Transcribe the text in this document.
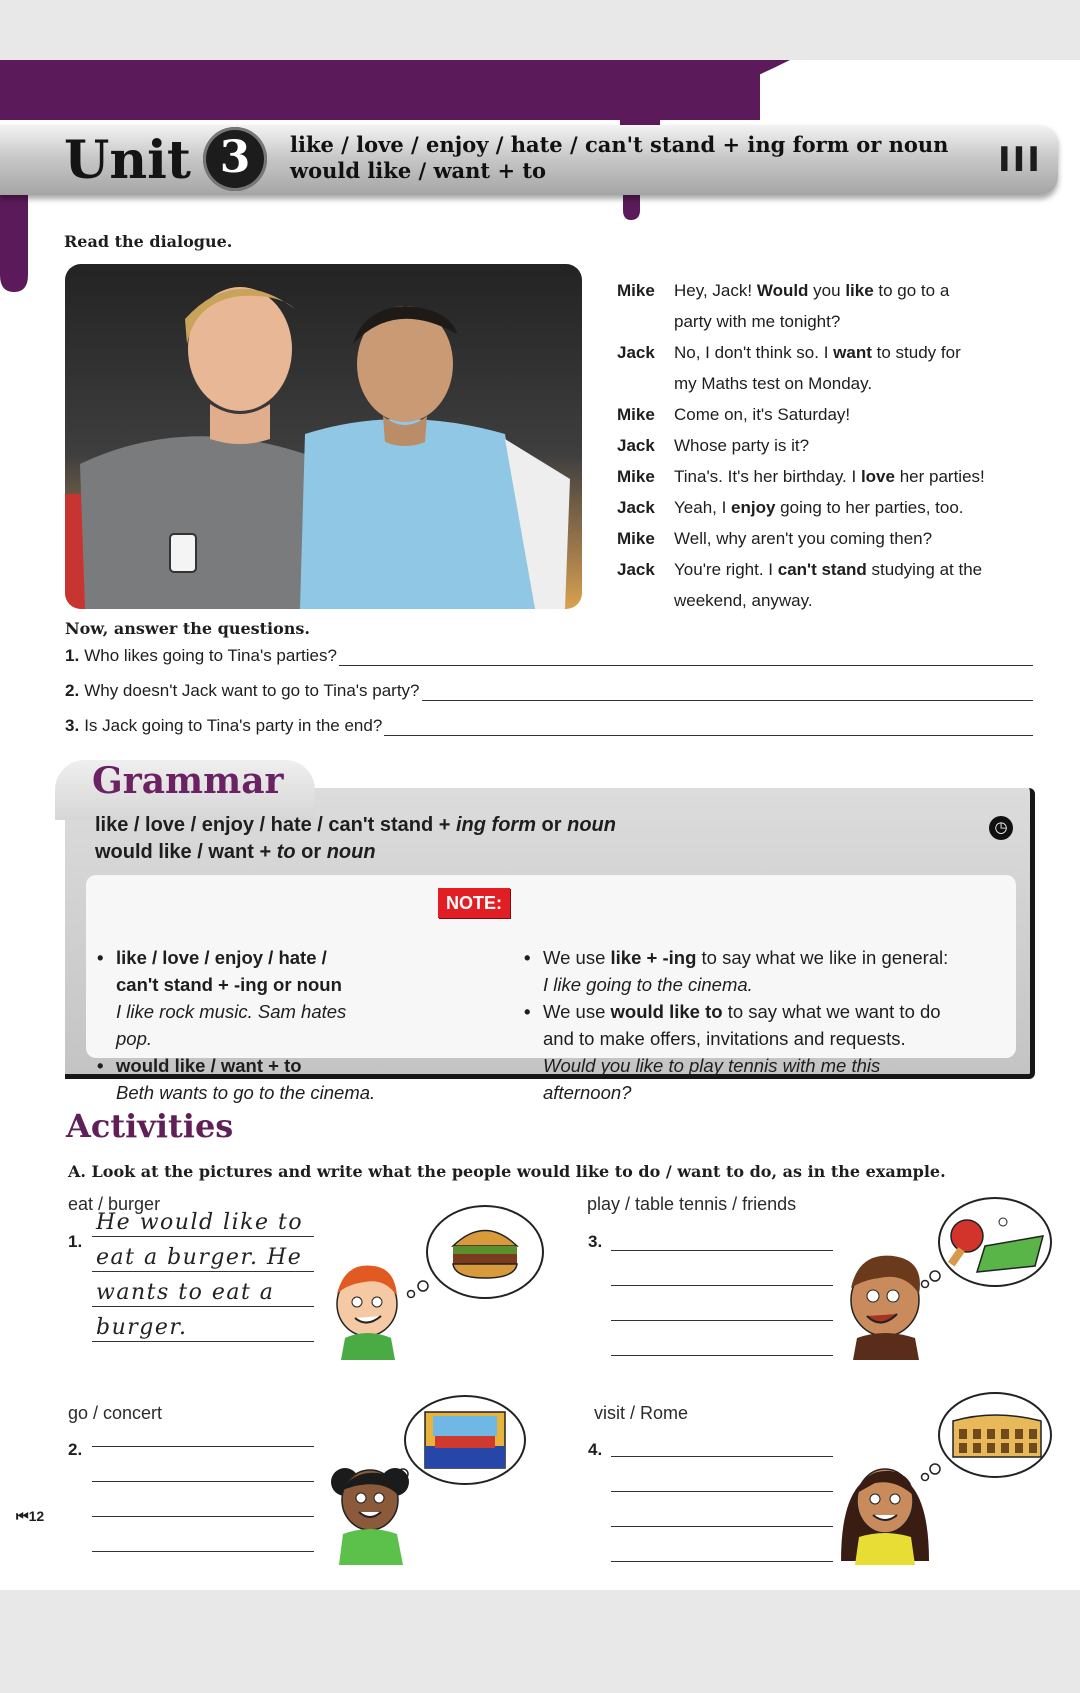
Unit 3	like / love / enjoy / hate / can't stand + ing form or noun
would like / want + to	III
Read the dialogue.
Mike	Hey, Jack! Would you like to go to a
party with me tonight?
Jack	No, I don't think so. I want to study for
my Maths test on Monday.
Mike	Come on, it's Saturday!
Jack	Whose party is it?
Mike	Tina's. It's her birthday. I love her parties!
Jack	Yeah, I enjoy going to her parties, too.
Mike	Well, why aren't you coming then?
Jack	You're right. I can't stand studying at the
weekend, anyway.
Now, answer the questions.
1. Who likes going to Tina's parties?
2. Why doesn't Jack want to go to Tina's party?
3. Is Jack going to Tina's party in the end?
Grammar
like / love / enjoy / hate / can't stand + ing form or noun
would like / want + to or noun
◷
• like / love / enjoy / hate /
can't stand + -ing or noun
I like rock music. Sam hates
pop.
• would like / want + to
Beth wants to go to the cinema.
NOTE:
• We use like + -ing to say what we like in general:
I like going to the cinema.
• We use would like to to say what we want to do
and to make offers, invitations and requests.
Would you like to play tennis with me this
afternoon?
Activities
A. Look at the pictures and write what the people would like to do / want to do, as in the example.
eat / burger
1.
He would like to
eat a burger. He
wants to eat a
burger.
go / concert
2.
play / table tennis / friends
3.
visit / Rome
4.
⏮12
